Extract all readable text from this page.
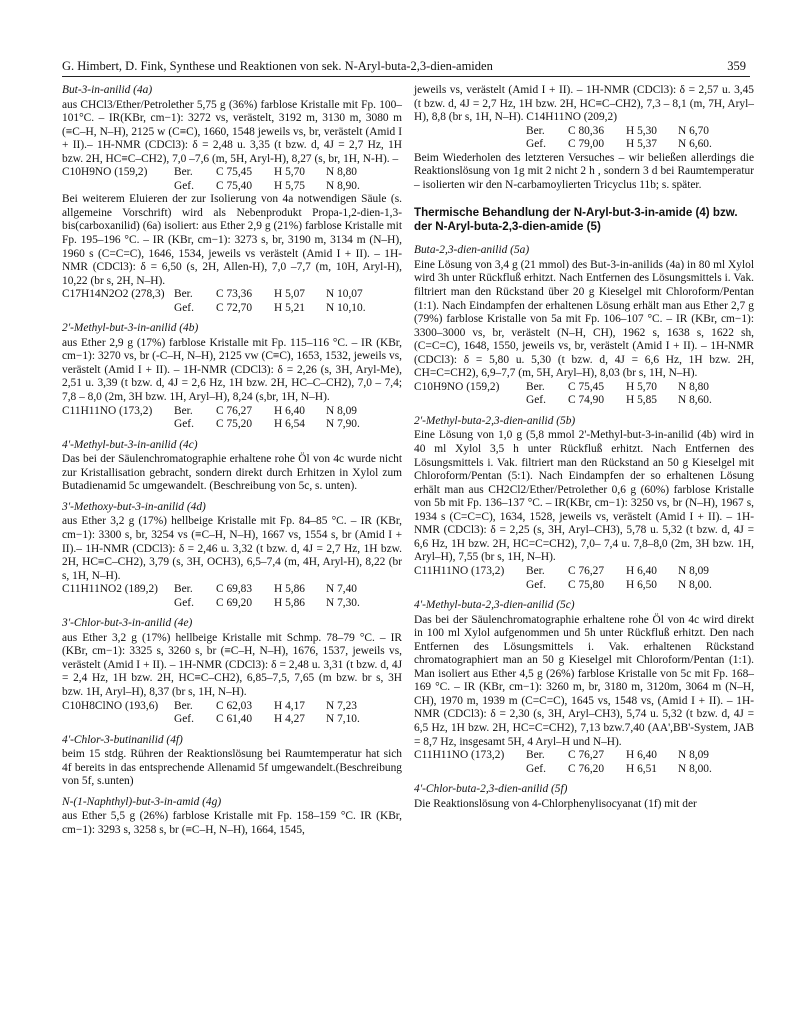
G. Himbert, D. Fink, Synthese und Reaktionen von sek. N-Aryl-buta-2,3-dien-amiden	359
But-3-in-anilid (4a)
aus CHCl3/Ether/Petrolether 5,75 g (36%) farblose Kristalle mit Fp. 100–101°C. – IR(KBr, cm−1): 3272 vs, verästelt, 3192 m, 3130 m, 3080 m (≡C–H, N–H), 2125 w (C≡C), 1660, 1548 jeweils vs, br, verästelt (Amid I + II).– 1H-NMR (CDCl3): δ = 2,48 u. 3,35 (t bzw. d, 4J = 2,7 Hz, 1H bzw. 2H, HC≡C–CH2), 7,0 –7,6 (m, 5H, Aryl-H), 8,27 (s, br, 1H, N-H). –
C10H9NO (159,2)	Ber.	C 75,45	H 5,70	N 8,80
Gef.	C 75,40	H 5,75	N 8,90.
Bei weiterem Eluieren der zur Isolierung von 4a notwendigen Säule (s. allgemeine Vorschrift) wird als Nebenprodukt Propa-1,2-dien-1,3-bis(carboxanilid) (6a) isoliert: aus Ether 2,9 g (21%) farblose Kristalle mit Fp. 195–196 °C. – IR (KBr, cm−1): 3273 s, br, 3190 m, 3134 m (N–H), 1960 s (C=C=C), 1646, 1534, jeweils vs verästelt (Amid I + II). – 1H-NMR (CDCl3): δ = 6,50 (s, 2H, Allen-H), 7,0 –7,7 (m, 10H, Aryl-H), 10,22 (br s, 2H, N–H).
C17H14N2O2 (278,3) Ber.	C 73,36	H 5,07	N 10,07
Gef.	C 72,70	H 5,21	N 10,10.
2'-Methyl-but-3-in-anilid (4b)
aus Ether 2,9 g (17%) farblose Kristalle mit Fp. 115–116 °C. – IR (KBr, cm−1): 3270 vs, br (-C–H, N–H), 2125 vw (C≡C), 1653, 1532, jeweils vs, verästelt (Amid I + II). – 1H-NMR (CDCl3): δ = 2,26 (s, 3H, Aryl-Me), 2,51 u. 3,39 (t bzw. d, 4J = 2,6 Hz, 1H bzw. 2H, HC–C–CH2), 7,0 – 7,4; 7,8 – 8,0 (2m, 3H bzw. 1H, Aryl–H), 8,24 (s,br, 1H, N–H).
C11H11NO (173,2)	Ber.	C 76,27	H 6,40	N 8,09
Gef.	C 75,20	H 6,54	N 7,90.
4'-Methyl-but-3-in-anilid (4c)
Das bei der Säulenchromatographie erhaltene rohe Öl von 4c wurde nicht zur Kristallisation gebracht, sondern direkt durch Erhitzen in Xylol zum Butadienamid 5c umgewandelt. (Beschreibung von 5c, s. unten).
3'-Methoxy-but-3-in-anilid (4d)
aus Ether 3,2 g (17%) hellbeige Kristalle mit Fp. 84–85 °C. – IR (KBr, cm−1): 3300 s, br, 3254 vs (≡C–H, N–H), 1667 vs, 1554 s, br (Amid I + II).– 1H-NMR (CDCl3): δ = 2,46 u. 3,32 (t bzw. d, 4J = 2,7 Hz, 1H bzw. 2H, HC≡C–CH2), 3,79 (s, 3H, OCH3), 6,5–7,4 (m, 4H, Aryl-H), 8,22 (br s, 1H, N–H).
C11H11NO2 (189,2)	Ber.	C 69,83	H 5,86	N 7,40
Gef.	C 69,20	H 5,86	N 7,30.
3'-Chlor-but-3-in-anilid (4e)
aus Ether 3,2 g (17%) hellbeige Kristalle mit Schmp. 78–79 °C. – IR (KBr, cm−1): 3325 s, 3260 s, br (≡C–H, N–H), 1676, 1537, jeweils vs, verästelt (Amid I + II). – 1H-NMR (CDCl3): δ = 2,48 u. 3,31 (t bzw. d, 4J = 2,4 Hz, 1H bzw. 2H, HC≡C–CH2), 6,85–7,5, 7,65 (m bzw. br s, 3H bzw. 1H, Aryl–H), 8,37 (br s, 1H, N–H).
C10H8ClNO (193,6)	Ber.	C 62,03	H 4,17	N 7,23
Gef.	C 61,40	H 4,27	N 7,10.
4'-Chlor-3-butinanilid (4f)
beim 15 stdg. Rühren der Reaktionslösung bei Raumtemperatur hat sich 4f bereits in das entsprechende Allenamid 5f umgewandelt.(Beschreibung von 5f, s.unten)
N-(1-Naphthyl)-but-3-in-amid (4g)
aus Ether 5,5 g (26%) farblose Kristalle mit Fp. 158–159 °C. IR (KBr, cm−1): 3293 s, 3258 s, br (≡C–H, N–H), 1664, 1545,
jeweils vs, verästelt (Amid I + II). – 1H-NMR (CDCl3): δ = 2,57 u. 3,45 (t bzw. d, 4J = 2,7 Hz, 1H bzw. 2H, HC≡C–CH2), 7,3 – 8,1 (m, 7H, Aryl–H), 8,8 (br s, 1H, N–H). C14H11NO (209,2)
Ber.	C 80,36	H 5,30	N 6,70
Gef.	C 79,00	H 5,37	N 6,60.
Beim Wiederholen des letzteren Versuches – wir beließen allerdings die Reaktionslösung von 1g mit 2 nicht 2 h , sondern 3 d bei Raumtemperatur – isolierten wir den N-carbamoylierten Tricyclus 11b; s. später.
Thermische Behandlung der N-Aryl-but-3-in-amide (4) bzw. der N-Aryl-buta-2,3-dien-amide (5)
Buta-2,3-dien-anilid (5a)
Eine Lösung von 3,4 g (21 mmol) des But-3-in-anilids (4a) in 80 ml Xylol wird 3h unter Rückfluß erhitzt. Nach Entfernen des Lösungsmittels i. Vak. filtriert man den Rückstand über 20 g Kieselgel mit Chloroform/Pentan (1:1). Nach Eindampfen der erhaltenen Lösung erhält man aus Ether 2,7 g (79%) farblose Kristalle von 5a mit Fp. 106–107 °C. – IR (KBr, cm−1): 3300–3000 vs, br, verästelt (N–H, CH), 1962 s, 1638 s, 1622 sh, (C=C=C), 1648, 1550, jeweils vs, br, verästelt (Amid I + II). – 1H-NMR (CDCl3): δ = 5,80 u. 5,30 (t bzw. d, 4J = 6,6 Hz, 1H bzw. 2H, CH=C=CH2), 6,9–7,7 (m, 5H, Aryl–H), 8,03 (br s, 1H, N–H).
C10H9NO (159,2)	Ber.	C 75,45	H 5,70	N 8,80
Gef.	C 74,90	H 5,85	N 8,60.
2'-Methyl-buta-2,3-dien-anilid (5b)
Eine Lösung von 1,0 g (5,8 mmol 2'-Methyl-but-3-in-anilid (4b) wird in 40 ml Xylol 3,5 h unter Rückfluß erhitzt. Nach Entfernen des Lösungsmittels i. Vak. filtriert man den Rückstand an 50 g Kieselgel mit Chloroform/Pentan (5:1). Nach Eindampfen der so erhaltenen Lösung erhält man aus CH2Cl2/Ether/Petrolether 0,6 g (60%) farblose Kristalle von 5b mit Fp. 136–137 °C. – IR(KBr, cm−1): 3250 vs, br (N–H), 1967 s, 1934 s (C=C=C), 1634, 1528, jeweils vs, verästelt (Amid I + II). – 1H-NMR (CDCl3): δ = 2,25 (s, 3H, Aryl–CH3), 5,78 u. 5,32 (t bzw. d, 4J = 6,6 Hz, 1H bzw. 2H, HC=C=CH2), 7,0– 7,4 u. 7,8–8,0 (2m, 3H bzw. 1H, Aryl–H), 7,55 (br s, 1H, N–H).
C11H11NO (173,2)	Ber.	C 76,27	H 6,40	N 8,09
Gef.	C 75,80	H 6,50	N 8,00.
4'-Methyl-buta-2,3-dien-anilid (5c)
Das bei der Säulenchromatographie erhaltene rohe Öl von 4c wird direkt in 100 ml Xylol aufgenommen und 5h unter Rückfluß erhitzt. Den nach Entfernen des Lösungsmittels i. Vak. erhaltenen Rückstand chromatographiert man an 50 g Kieselgel mit Chloroform/Pentan (1:1). Man isoliert aus Ether 4,5 g (26%) farblose Kristalle von 5c mit Fp. 168–169 °C. – IR (KBr, cm−1): 3260 m, br, 3180 m, 3120m, 3064 m (N–H, CH), 1970 m, 1939 m (C=C=C), 1645 vs, 1548 vs, (Amid I + II). – 1H-NMR (CDCl3): δ = 2,30 (s, 3H, Aryl–CH3), 5,74 u. 5,32 (t bzw. d, 4J = 6,5 Hz, 1H bzw. 2H, HC=C=CH2), 7,13 bzw.7,40 (AA',BB'-System, JAB = 8,7 Hz, insgesamt 5H, 4 Aryl–H und N–H).
C11H11NO (173,2)	Ber.	C 76,27	H 6,40	N 8,09
Gef.	C 76,20	H 6,51	N 8,00.
4'-Chlor-buta-2,3-dien-anilid (5f)
Die Reaktionslösung von 4-Chlorphenylisocyanat (1f) mit der
